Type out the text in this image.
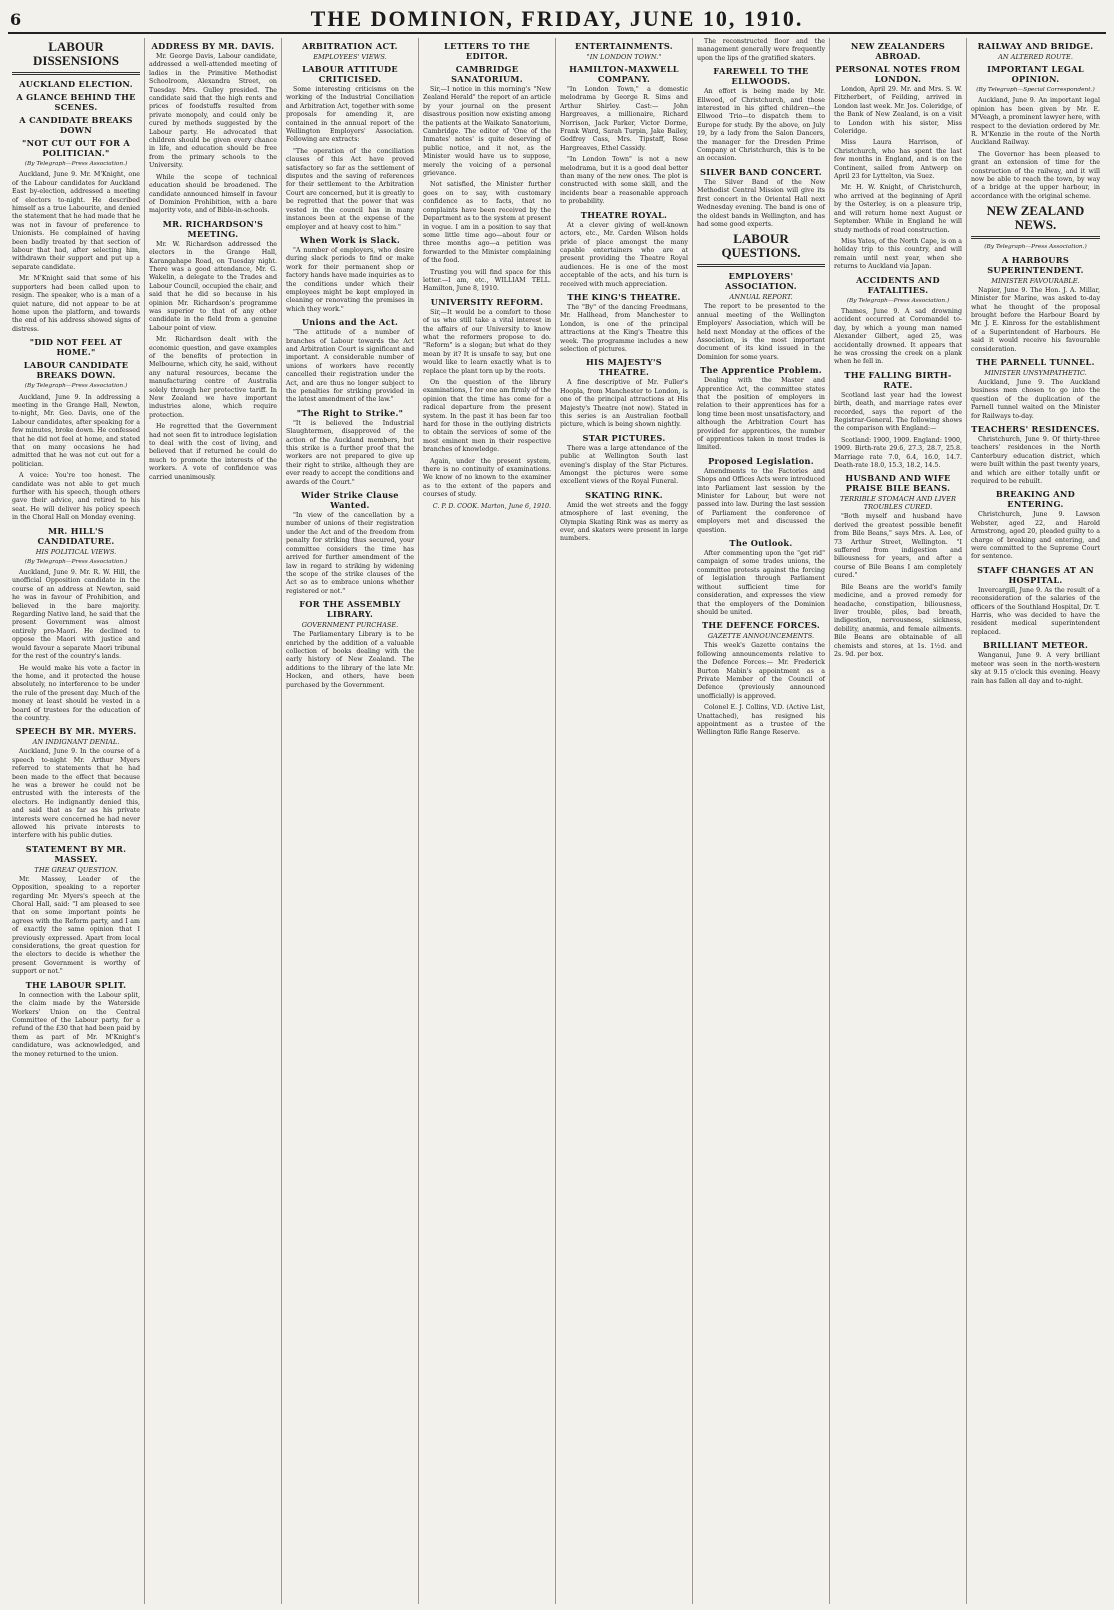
6	THE DOMINION, FRIDAY, JUNE 10, 1910.
LABOUR DISSENSIONS
AUCKLAND ELECTION.
A GLANCE BEHIND THE SCENES.
A CANDIDATE BREAKS DOWN
"NOT CUT OUT FOR A POLITICIAN."

(By Telegraph—Press Association.)

Auckland, June 9. Mr. M'Knight, one of the Labour candidates for Auckland East by-election, addressed a meeting of electors to-night. He described himself as a true Labourite, and denied the statement that he had made that he was not in favour of preference to Unionists. He complained of having been badly treated by that section of labour that had, after selecting him, withdrawn their support and put up a separate candidate.

Mr. M'Knight said that some of his supporters had been called upon to resign. The speaker, who is a man of a quiet nature, did not appear to be at home upon the platform, and towards the end of his address showed signs of distress.

"DID NOT FEEL AT HOME."
LABOUR CANDIDATE BREAKS DOWN.

(By Telegraph—Press Association.)

Auckland, June 9. In addressing a meeting in the Grange Hall, Newton, to-night, Mr. Geo. Davis, one of the Labour candidates, after speaking for a few minutes, broke down. He confessed that he did not feel at home, and stated that on many occasions he had admitted that he was not cut out for a politician.

A voice: You're too honest. The candidate was not able to get much further with his speech, though others gave their advice, and retired to his seat. He will deliver his policy speech in the Choral Hall on Monday evening.

MR. HILL'S CANDIDATURE.
HIS POLITICAL VIEWS.

(By Telegraph—Press Association.)

Auckland, June 9. Mr. R. W. Hill, the unofficial Opposition candidate in the course of an address at Newton, said he was in favour of Prohibition, and believed in the bare majority. Regarding Native land, he said that the present Government was almost entirely pro-Maori. He declined to oppose the Maori with justice and would favour a separate Maori tribunal for the rest of the country's lands.

He would make his vote a factor in the home, and it protected the house absolutely, no interference to be under the rule of the present day. Much of the money at least should be vested in a board of trustees for the education of the country.

SPEECH BY MR. MYERS.
AN INDIGNANT DENIAL.

Auckland, June 9. In the course of a speech to-night Mr. Arthur Myers referred to statements that he had been made to the effect that because he was a brewer he could not be entrusted with the interests of the electors. He indignantly denied this, and said that as far as his private interests were concerned he had never allowed his private interests to interfere with his public duties.

STATEMENT BY MR. MASSEY.
THE GREAT QUESTION.

Mr. Massey, Leader of the Opposition, speaking to a reporter regarding Mr. Myers's speech at the Choral Hall, said: "I am pleased to see that on some important points he agrees with the Reform party, and I am of exactly the same opinion that I previously expressed. Apart from local considerations, the great question for the electors to decide is whether the present Government is worthy of support or not."

THE LABOUR SPLIT.

In connection with the Labour split, the claim made by the Waterside Workers' Union on the Central Committee of the Labour party, for a refund of the £30 that had been paid by them as part of Mr. M'Knight's candidature, was acknowledged, and the money returned to the union.

ADDRESS BY MR. DAVIS.

Mr. George Davis, Labour candidate, addressed a well-attended meeting of ladies in the Primitive Methodist Schoolroom, Alexandra Street, on Tuesday. Mrs. Gulley presided. The candidate said that the high rents and prices of foodstuffs resulted from private monopoly, and could only be cured by methods suggested by the Labour party. He advocated that children should be given every chance in life, and education should be free from the primary schools to the University.

While the scope of technical education should be broadened. The candidate announced himself in favour of Dominion Prohibition, with a bare majority vote, and of Bible-in-schools.

MR. RICHARDSON'S MEETING.

Mr. W. Richardson addressed the electors in the Grange Hall, Karangahape Road, on Tuesday night. There was a good attendance, Mr. G. Wakelin, a delegate to the Trades and Labour Council, occupied the chair, and said that he did so because in his opinion Mr. Richardson's programme was superior to that of any other candidate in the field from a genuine Labour point of view.

Mr. Richardson dealt with the economic question, and gave examples of the benefits of protection in Melbourne, which city, he said, without any natural resources, became the manufacturing centre of Australia solely through her protective tariff. In New Zealand we have important industries alone, which require protection.

He regretted that the Government had not seen fit to introduce legislation to deal with the cost of living, and believed that if returned he could do much to promote the interests of the workers. A vote of confidence was carried unanimously.

ARBITRATION ACT.
EMPLOYEES' VIEWS.
LABOUR ATTITUDE CRITICISED.

Some interesting criticisms on the working of the Industrial Conciliation and Arbitration Act, together with some proposals for amending it, are contained in the annual report of the Wellington Employers' Association. Following are extracts:

"The operation of the conciliation clauses of this Act have proved satisfactory so far as the settlement of disputes and the saving of references for their settlement to the Arbitration Court are concerned, but it is greatly to be regretted that the power that was vested in the council has in many instances been at the expense of the employer and at heavy cost to him."

When Work is Slack.

"A number of employers, who desire during slack periods to find or make work for their permanent shop or factory hands have made inquiries as to the conditions under which their employees might be kept employed in cleaning or renovating the premises in which they work."

Unions and the Act.

"The attitude of a number of branches of Labour towards the Act and Arbitration Court is significant and important. A considerable number of unions of workers have recently cancelled their registration under the Act, and are thus no longer subject to the penalties for striking provided in the latest amendment of the law."

"The Right to Strike."

"It is believed the Industrial Slaughtermen, disapproved of the action of the Auckland members, but this strike is a further proof that the workers are not prepared to give up their right to strike, although they are ever ready to accept the conditions and awards of the Court."

Wider Strike Clause Wanted.

"In view of the cancellation by a number of unions of their registration under the Act and of the freedom from penalty for striking thus secured, your committee considers the time has arrived for further amendment of the law in regard to striking by widening the scope of the strike clauses of the Act so as to embrace unions whether registered or not."

FOR THE ASSEMBLY LIBRARY.
GOVERNMENT PURCHASE.

The Parliamentary Library is to be enriched by the addition of a valuable collection of books dealing with the early history of New Zealand. The additions to the library of the late Mr. Hocken, and others, have been purchased by the Government.

LETTERS TO THE EDITOR.
CAMBRIDGE SANATORIUM.

Sir,—I notice in this morning's "New Zealand Herald" the report of an article by your journal on the present disastrous position now existing among the patients at the Waikato Sanatorium, Cambridge. The editor of 'One of the Inmates' notes' is quite deserving of public notice, and it not, as the Minister would have us to suppose, merely the voicing of a personal grievance.

Not satisfied, the Minister further goes on to say, with customary confidence as to facts, that no complaints have been received by the Department as to the system at present in vogue. I am in a position to say that some little time ago—about four or three months ago—a petition was forwarded to the Minister complaining of the food.

Trusting you will find space for this letter.—I am, etc., WILLIAM TELL. Hamilton, June 8, 1910.

UNIVERSITY REFORM.

Sir,—It would be a comfort to those of us who still take a vital interest in the affairs of our University to know what the reformers propose to do. "Reform" is a slogan; but what do they mean by it? It is unsafe to say, but one would like to learn exactly what is to replace the plant torn up by the roots.

On the question of the library examinations, I for one am firmly of the opinion that the time has come for a radical departure from the present system. In the past it has been far too hard for those in the outlying districts to obtain the services of some of the most eminent men in their respective branches of knowledge.

Again, under the present system, there is no continuity of examinations. We know of no known to the examiner as to the extent of the papers and courses of study.

C. P. D. COOK. Marton, June 6, 1910.

ENTERTAINMENTS.
"IN LONDON TOWN."
HAMILTON-MAXWELL COMPANY.

"In London Town," a domestic melodrama by George R. Sims and Arthur Shirley. Cast:— John Hargreaves, a millionaire, Richard Norrison, Jack Parker, Victor Dorme, Frank Ward, Sarah Turpin, Jake Bailey, Godfrey Cass, Mrs. Tipstaff, Rose Hargreaves, Ethel Cassidy.

"In London Town" is not a new melodrama, but it is a good deal better than many of the new ones. The plot is constructed with some skill, and the incidents bear a reasonable approach to probability.

THEATRE ROYAL.

At a clever giving of well-known actors, etc., Mr. Carden Wilson holds pride of place amongst the many capable entertainers who are at present providing the Theatre Royal audiences. He is one of the most acceptable of the acts, and his turn is received with much appreciation.

THE KING'S THEATRE.

The "By" of the dancing Freedmans, Mr. Hallhead, from Manchester to London, is one of the principal attractions at the King's Theatre this week. The programme includes a new selection of pictures.

HIS MAJESTY'S THEATRE.

A fine descriptive of Mr. Fuller's Hoopla, from Manchester to London, is one of the principal attractions at His Majesty's Theatre (not now). Stated in this series is an Australian football picture, which is being shown nightly.

STAR PICTURES.

There was a large attendance of the public at Wellington South last evening's display of the Star Pictures. Amongst the pictures were some excellent views of the Royal Funeral.

SKATING RINK.

Amid the wet streets and the foggy atmosphere of last evening, the Olympia Skating Rink was as merry as ever, and skaters were present in large numbers.

The reconstructed floor and the management generally were frequently upon the lips of the gratified skaters.

FAREWELL TO THE ELLWOODS.

An effort is being made by Mr. Ellwood, of Christchurch, and those interested in his gifted children—the Ellwood Trio—to dispatch them to Europe for study. By the above, on July 19, by a lady from the Salon Dancers, the manager for the Dresden Prime Company at Christchurch, this is to be an occasion.

SILVER BAND CONCERT.

The Silver Band of the New Methodist Central Mission will give its first concert in the Oriental Hall next Wednesday evening. The band is one of the oldest bands in Wellington, and has had some good experts.

LABOUR QUESTIONS.
EMPLOYERS' ASSOCIATION.
ANNUAL REPORT.

The report to be presented to the annual meeting of the Wellington Employers' Association, which will be held next Monday at the offices of the Association, is the most important document of its kind issued in the Dominion for some years.

The Apprentice Problem.

Dealing with the Master and Apprentice Act, the committee states that the position of employers in relation to their apprentices has for a long time been most unsatisfactory, and although the Arbitration Court has provided for apprentices, the number of apprentices taken in most trades is limited.

Proposed Legislation.

Amendments to the Factories and Shops and Offices Acts were introduced into Parliament last session by the Minister for Labour, but were not passed into law. During the last session of Parliament the conference of employers met and discussed the question.

The Outlook.

After commenting upon the "get rid" campaign of some trades unions, the committee protests against the forcing of legislation through Parliament without sufficient time for consideration, and expresses the view that the employers of the Dominion should be united.

THE DEFENCE FORCES.
GAZETTE ANNOUNCEMENTS.

This week's Gazette contains the following announcements relative to the Defence Forces:— Mr. Frederick Burton Mabin's appointment as a Private Member of the Council of Defence (previously announced unofficially) is approved.

Colonel E. J. Collins, V.D. (Active List, Unattached), has resigned his appointment as a trustee of the Wellington Rifle Range Reserve.

NEW ZEALANDERS ABROAD.
PERSONAL NOTES FROM LONDON.

London, April 29. Mr. and Mrs. S. W. Fitzherbert, of Feilding, arrived in London last week. Mr. Jos. Coleridge, of the Bank of New Zealand, is on a visit to London with his sister, Miss Coleridge.

Miss Laura Harrison, of Christchurch, who has spent the last few months in England, and is on the Continent, sailed from Antwerp on April 23 for Lyttelton, via Suez.

Mr. H. W. Knight, of Christchurch, who arrived at the beginning of April by the Osterley, is on a pleasure trip, and will return home next August or September. While in England he will study methods of road construction.

Miss Yates, of the North Cape, is on a holiday trip to this country, and will remain until next year, when she returns to Auckland via Japan.

ACCIDENTS AND FATALITIES.

(By Telegraph—Press Association.)

Thames, June 9. A sad drowning accident occurred at Coromandel to-day, by which a young man named Alexander Gilbert, aged 25, was accidentally drowned. It appears that he was crossing the creek on a plank when he fell in.

THE FALLING BIRTH-RATE.

Scotland last year had the lowest birth, death, and marriage rates ever recorded, says the report of the Registrar-General. The following shows the comparison with England:—

Scotland: 1900, 1909. England: 1900, 1909. Birth-rate 29.6, 27.3, 28.7, 25.8. Marriage rate 7.0, 6.4, 16.0, 14.7. Death-rate 18.0, 15.3, 18.2, 14.5.

HUSBAND AND WIFE PRAISE BILE BEANS.
TERRIBLE STOMACH AND LIVER TROUBLES CURED.

"Both myself and husband have derived the greatest possible benefit from Bile Beans," says Mrs. A. Lee, of 73 Arthur Street, Wellington. "I suffered from indigestion and biliousness for years, and after a course of Bile Beans I am completely cured."

Bile Beans are the world's family medicine, and a proved remedy for headache, constipation, biliousness, liver trouble, piles, bad breath, indigestion, nervousness, sickness, debility, anæmia, and female ailments. Bile Beans are obtainable of all chemists and stores, at 1s. 1½d. and 2s. 9d. per box.

RAILWAY AND BRIDGE.
AN ALTERED ROUTE.
IMPORTANT LEGAL OPINION.

(By Telegraph—Special Correspondent.)

Auckland, June 9. An important legal opinion has been given by Mr. E. M'Veagh, a prominent lawyer here, with respect to the deviation ordered by Mr. R. M'Kenzie in the route of the North Auckland Railway.

The Governor has been pleased to grant an extension of time for the construction of the railway, and it will now be able to reach the town, by way of a bridge at the upper harbour, in accordance with the original scheme.

NEW ZEALAND NEWS.

(By Telegraph—Press Association.)

A HARBOURS SUPERINTENDENT.
MINISTER FAVOURABLE.

Napier, June 9. The Hon. J. A. Millar, Minister for Marine, was asked to-day what he thought of the proposal brought before the Harbour Board by Mr. J. E. Kinross for the establishment of a Superintendent of Harbours. He said it would receive his favourable consideration.

THE PARNELL TUNNEL.
MINISTER UNSYMPATHETIC.

Auckland, June 9. The Auckland business men chosen to go into the question of the duplication of the Parnell tunnel waited on the Minister for Railways to-day.

TEACHERS' RESIDENCES.

Christchurch, June 9. Of thirty-three teachers' residences in the North Canterbury education district, which were built within the past twenty years, and which are either totally unfit or required to be rebuilt.

BREAKING AND ENTERING.

Christchurch, June 9. Lawson Webster, aged 22, and Harold Armstrong, aged 20, pleaded guilty to a charge of breaking and entering, and were committed to the Supreme Court for sentence.

STAFF CHANGES AT AN HOSPITAL.

Invercargill, June 9. As the result of a reconsideration of the salaries of the officers of the Southland Hospital, Dr. T. Harris, who was decided to have the resident medical superintendent replaced.

BRILLIANT METEOR.

Wanganui, June 9. A very brilliant meteor was seen in the north-western sky at 9.15 o'clock this evening. Heavy rain has fallen all day and to-night.
